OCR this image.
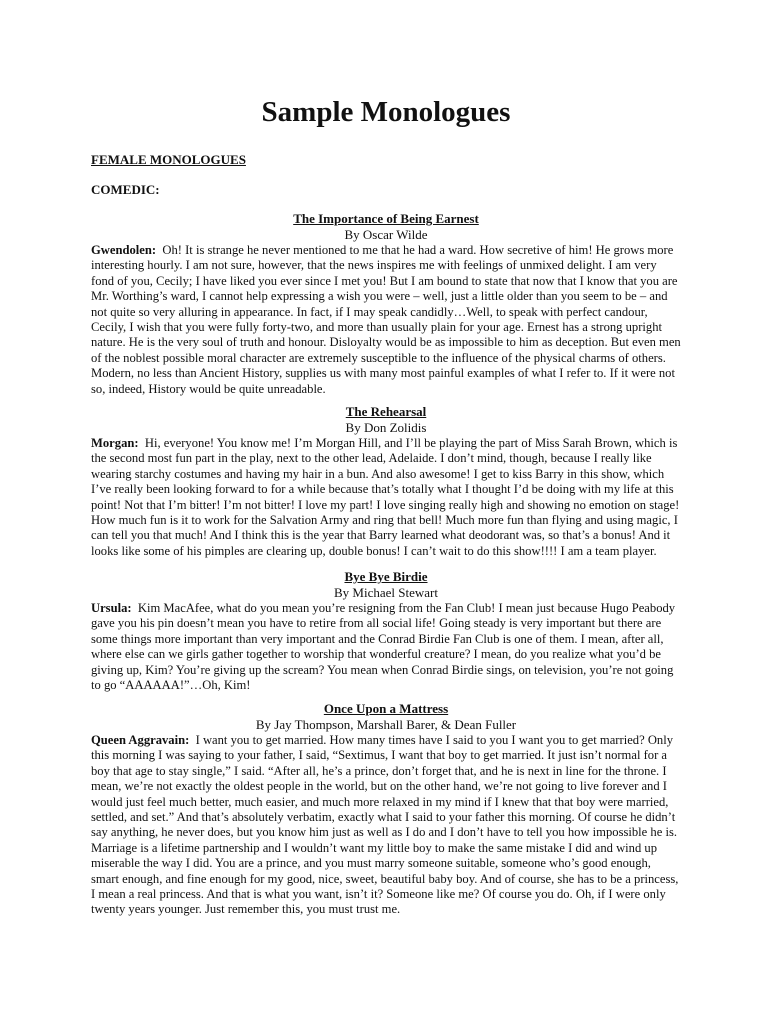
Sample Monologues

FEMALE MONOLOGUES

COMEDIC:

The Importance of Being Earnest

By Oscar Wilde

Gwendolen: Oh! It is strange he never mentioned to me that he had a ward. How secretive of him! He grows more interesting hourly. I am not sure, however, that the news inspires me with feelings of unmixed delight. I am very fond of you, Cecily; I have liked you ever since I met you! But I am bound to state that now that I know that you are Mr. Worthing’s ward, I cannot help expressing a wish you were – well, just a little older than you seem to be – and not quite so very alluring in appearance. In fact, if I may speak candidly…Well, to speak with perfect candour, Cecily, I wish that you were fully forty-two, and more than usually plain for your age. Ernest has a strong upright nature. He is the very soul of truth and honour. Disloyalty would be as impossible to him as deception. But even men of the noblest possible moral character are extremely susceptible to the influence of the physical charms of others. Modern, no less than Ancient History, supplies us with many most painful examples of what I refer to. If it were not so, indeed, History would be quite unreadable.

The Rehearsal

By Don Zolidis

Morgan: Hi, everyone! You know me! I’m Morgan Hill, and I’ll be playing the part of Miss Sarah Brown, which is the second most fun part in the play, next to the other lead, Adelaide. I don’t mind, though, because I really like wearing starchy costumes and having my hair in a bun. And also awesome! I get to kiss Barry in this show, which I’ve really been looking forward to for a while because that’s totally what I thought I’d be doing with my life at this point! Not that I’m bitter! I’m not bitter! I love my part! I love singing really high and showing no emotion on stage! How much fun is it to work for the Salvation Army and ring that bell! Much more fun than flying and using magic, I can tell you that much! And I think this is the year that Barry learned what deodorant was, so that’s a bonus! And it looks like some of his pimples are clearing up, double bonus! I can’t wait to do this show!!!! I am a team player.

Bye Bye Birdie

By Michael Stewart

Ursula: Kim MacAfee, what do you mean you’re resigning from the Fan Club! I mean just because Hugo Peabody gave you his pin doesn’t mean you have to retire from all social life! Going steady is very important but there are some things more important than very important and the Conrad Birdie Fan Club is one of them. I mean, after all, where else can we girls gather together to worship that wonderful creature? I mean, do you realize what you’d be giving up, Kim? You’re giving up the scream? You mean when Conrad Birdie sings, on television, you’re not going to go “AAAAAA!”…Oh, Kim!

Once Upon a Mattress

By Jay Thompson, Marshall Barer, & Dean Fuller

Queen Aggravain: I want you to get married. How many times have I said to you I want you to get married? Only this morning I was saying to your father, I said, “Sextimus, I want that boy to get married. It just isn’t normal for a boy that age to stay single,” I said. “After all, he’s a prince, don’t forget that, and he is next in line for the throne. I mean, we’re not exactly the oldest people in the world, but on the other hand, we’re not going to live forever and I would just feel much better, much easier, and much more relaxed in my mind if I knew that that boy were married, settled, and set.” And that’s absolutely verbatim, exactly what I said to your father this morning. Of course he didn’t say anything, he never does, but you know him just as well as I do and I don’t have to tell you how impossible he is. Marriage is a lifetime partnership and I wouldn’t want my little boy to make the same mistake I did and wind up miserable the way I did. You are a prince, and you must marry someone suitable, someone who’s good enough, smart enough, and fine enough for my good, nice, sweet, beautiful baby boy. And of course, she has to be a princess, I mean a real princess. And that is what you want, isn’t it? Someone like me? Of course you do. Oh, if I were only twenty years younger. Just remember this, you must trust me.
